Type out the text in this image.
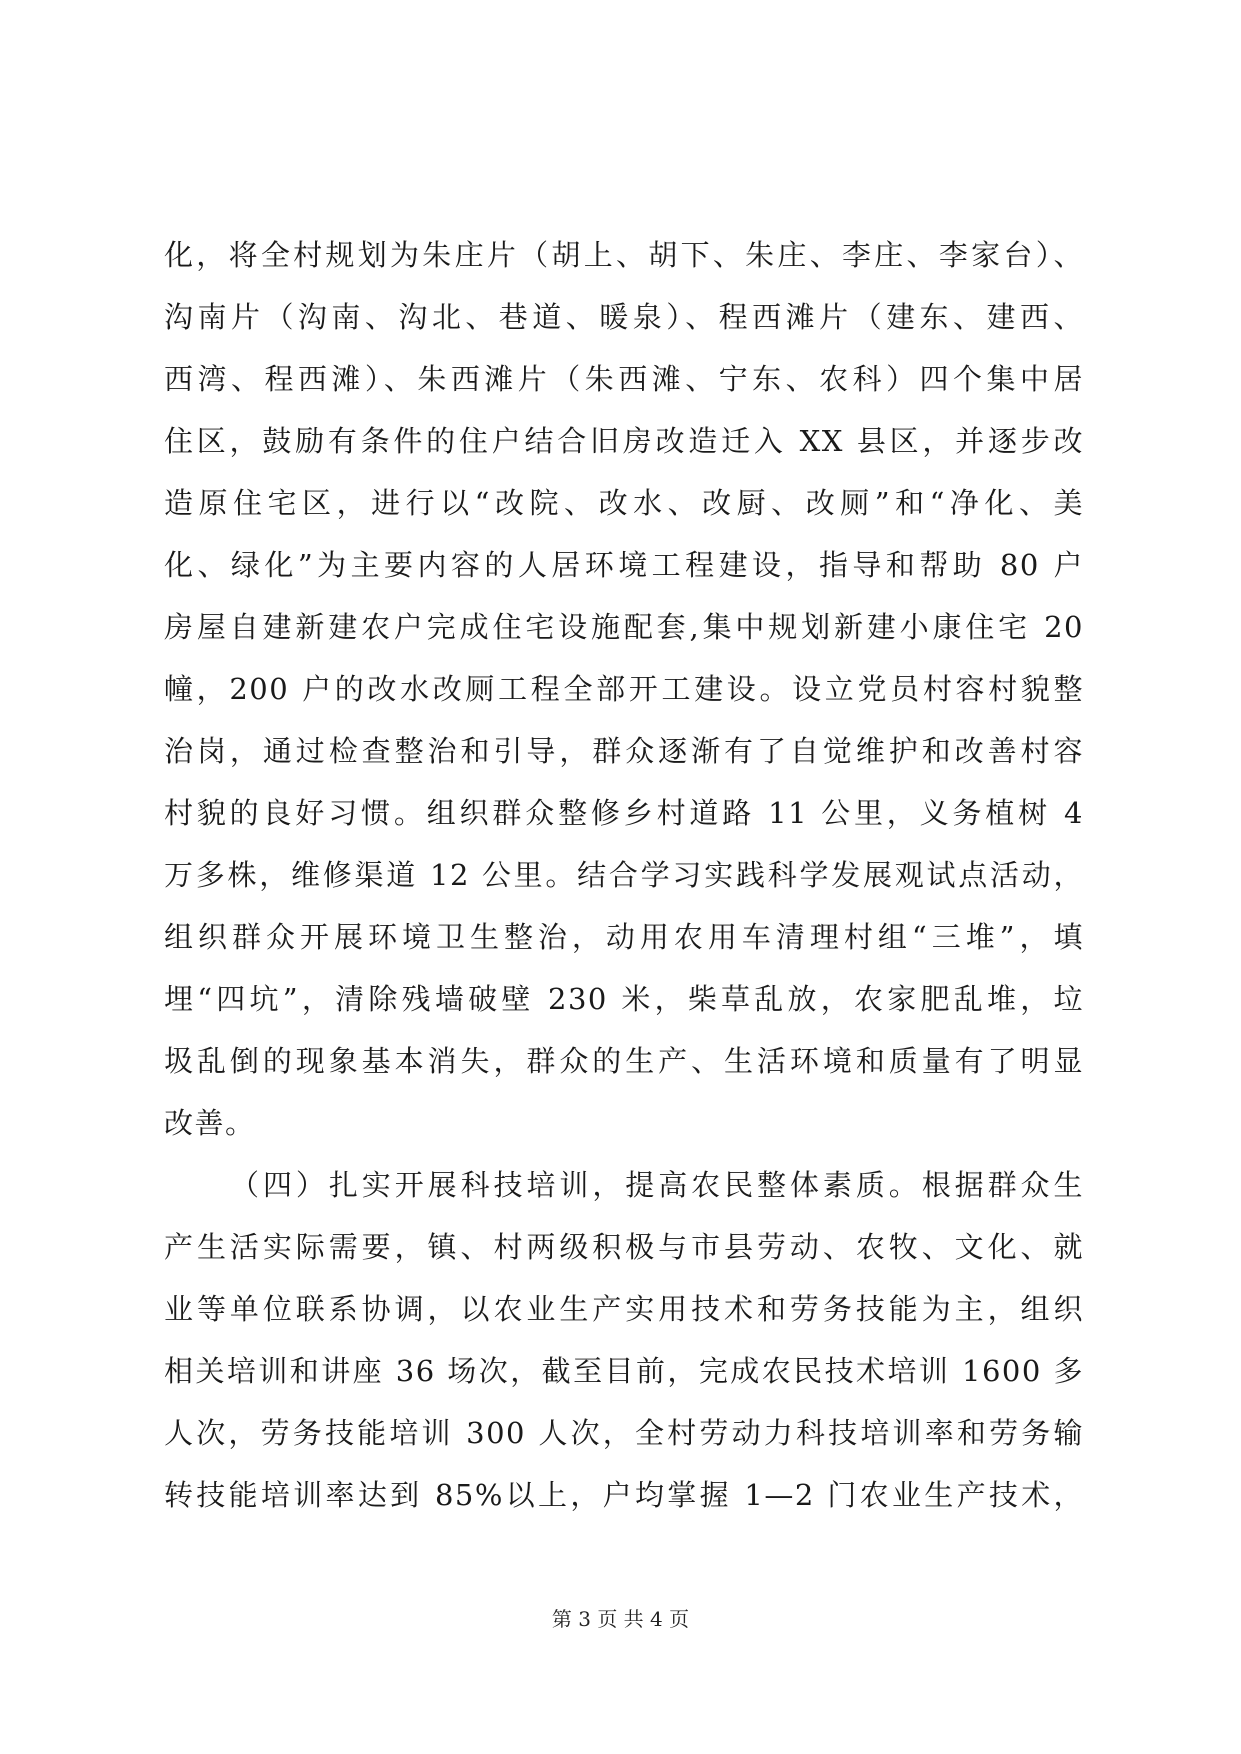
化，将全村规划为朱庄片（胡上、胡下、朱庄、李庄、李家台）、
沟南片（沟南、沟北、巷道、暖泉）、程西滩片（建东、建西、
西湾、程西滩）、朱西滩片（朱西滩、宁东、农科）四个集中居
住区，鼓励有条件的住户结合旧房改造迁入 XX 县区，并逐步改
造原住宅区，进行以“改院、改水、改厨、改厕”和“净化、美
化、绿化”为主要内容的人居环境工程建设，指导和帮助 80 户
房屋自建新建农户完成住宅设施配套,集中规划新建小康住宅 20
幢，200 户的改水改厕工程全部开工建设。设立党员村容村貌整
治岗，通过检查整治和引导，群众逐渐有了自觉维护和改善村容
村貌的良好习惯。组织群众整修乡村道路 11 公里，义务植树 4
万多株，维修渠道 12 公里。结合学习实践科学发展观试点活动，
组织群众开展环境卫生整治，动用农用车清理村组“三堆”，填
埋“四坑”，清除残墙破壁 230 米，柴草乱放，农家肥乱堆，垃
圾乱倒的现象基本消失，群众的生产、生活环境和质量有了明显
改善。
（四）扎实开展科技培训，提高农民整体素质。根据群众生
产生活实际需要，镇、村两级积极与市县劳动、农牧、文化、就
业等单位联系协调，以农业生产实用技术和劳务技能为主，组织
相关培训和讲座 36 场次，截至目前，完成农民技术培训 1600 多
人次，劳务技能培训 300 人次，全村劳动力科技培训率和劳务输
转技能培训率达到 85%以上，户均掌握 1—2 门农业生产技术，
第 3 页 共 4 页
